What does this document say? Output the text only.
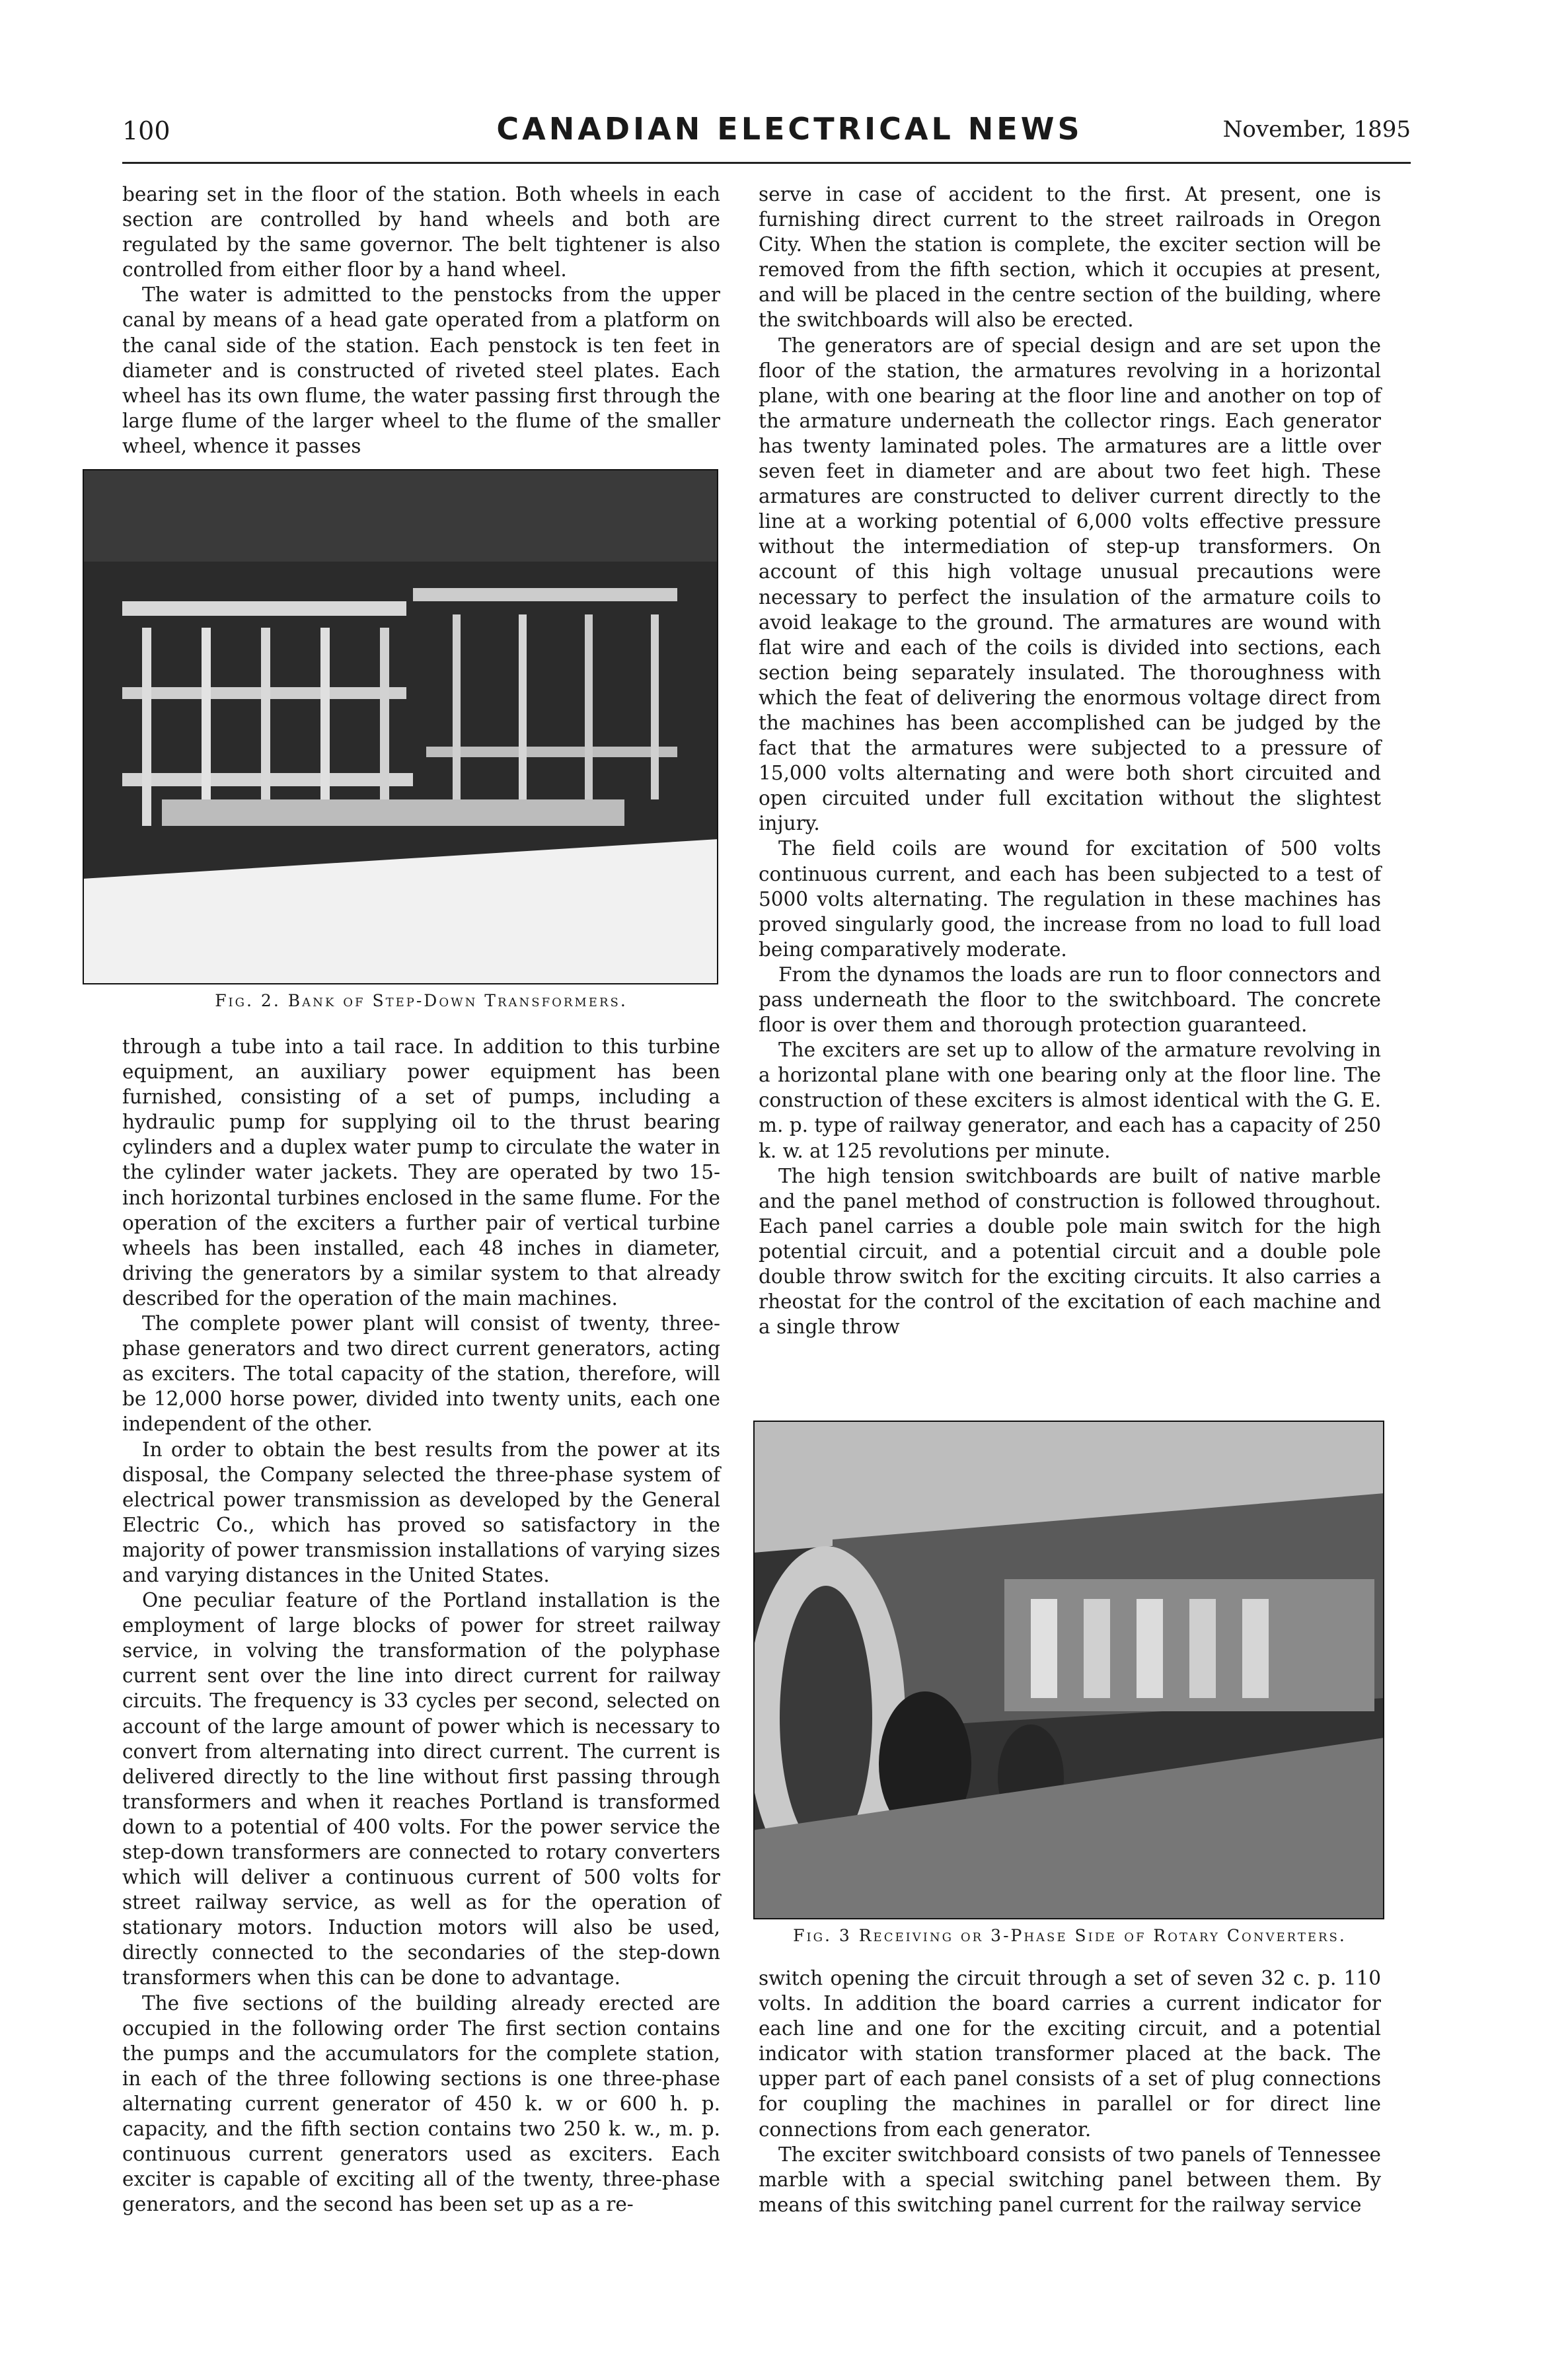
100	CANADIAN ELECTRICAL NEWS	November, 1895

bearing set in the floor of the station. Both wheels in each section are controlled by hand wheels and both are regulated by the same governor. The belt tightener is also controlled from either floor by a hand wheel.

The water is admitted to the penstocks from the upper canal by means of a head gate operated from a platform on the canal side of the station. Each penstock is ten feet in diameter and is constructed of riveted steel plates. Each wheel has its own flume, the water passing first through the large flume of the larger wheel to the flume of the smaller wheel, whence it passes

Fig. 2. Bank of Step-Down Transformers.

through a tube into a tail race. In addition to this turbine equipment, an auxiliary power equipment has been furnished, consisting of a set of pumps, including a hydraulic pump for supplying oil to the thrust bearing cylinders and a duplex water pump to circulate the water in the cylinder water jackets. They are operated by two 15-inch horizontal turbines enclosed in the same flume. For the operation of the exciters a further pair of vertical turbine wheels has been installed, each 48 inches in diameter, driving the generators by a similar system to that already described for the operation of the main machines.

The complete power plant will consist of twenty, three-phase generators and two direct current generators, acting as exciters. The total capacity of the station, therefore, will be 12,000 horse power, divided into twenty units, each one independent of the other.

In order to obtain the best results from the power at its disposal, the Company selected the three-phase system of electrical power transmission as developed by the General Electric Co., which has proved so satisfactory in the majority of power transmission installations of varying sizes and varying distances in the United States.

One peculiar feature of the Portland installation is the employment of large blocks of power for street railway service, in volving the transformation of the polyphase current sent over the line into direct current for railway circuits. The frequency is 33 cycles per second, selected on account of the large amount of power which is necessary to convert from alternating into direct current. The current is delivered directly to the line without first passing through transformers and when it reaches Portland is transformed down to a potential of 400 volts. For the power service the step-down transformers are connected to rotary converters which will deliver a continuous current of 500 volts for street railway service, as well as for the operation of stationary motors. Induction motors will also be used, directly connected to the secondaries of the step-down transformers when this can be done to advantage.

The five sections of the building already erected are occupied in the following order The first section contains the pumps and the accumulators for the complete station, in each of the three following sections is one three-phase alternating current generator of 450 k. w or 600 h. p. capacity, and the fifth section contains two 250 k. w., m. p. continuous current generators used as exciters. Each exciter is capable of exciting all of the twenty, three-phase generators, and the second has been set up as a re-

serve in case of accident to the first. At present, one is furnishing direct current to the street railroads in Oregon City. When the station is complete, the exciter section will be removed from the fifth section, which it occupies at present, and will be placed in the centre section of the building, where the switchboards will also be erected.

The generators are of special design and are set upon the floor of the station, the armatures revolving in a horizontal plane, with one bearing at the floor line and another on top of the armature underneath the collector rings. Each generator has twenty laminated poles. The armatures are a little over seven feet in diameter and are about two feet high. These armatures are constructed to deliver current directly to the line at a working potential of 6,000 volts effective pressure without the intermediation of step-up transformers. On account of this high voltage unusual precautions were necessary to perfect the insulation of the armature coils to avoid leakage to the ground. The armatures are wound with flat wire and each of the coils is divided into sections, each section being separately insulated. The thoroughness with which the feat of delivering the enormous voltage direct from the machines has been accomplished can be judged by the fact that the armatures were subjected to a pressure of 15,000 volts alternating and were both short circuited and open circuited under full excitation without the slightest injury.

The field coils are wound for excitation of 500 volts continuous current, and each has been subjected to a test of 5000 volts alternating. The regulation in these machines has proved singularly good, the increase from no load to full load being comparatively moderate.

From the dynamos the loads are run to floor connectors and pass underneath the floor to the switchboard. The concrete floor is over them and thorough protection guaranteed.

The exciters are set up to allow of the armature revolving in a horizontal plane with one bearing only at the floor line. The construction of these exciters is almost identical with the G. E. m. p. type of railway generator, and each has a capacity of 250 k. w. at 125 revolutions per minute.

The high tension switchboards are built of native marble and the panel method of construction is followed throughout. Each panel carries a double pole main switch for the high potential circuit, and a potential circuit and a double pole double throw switch for the exciting circuits. It also carries a rheostat for the control of the excitation of each machine and a single throw

Fig. 3 Receiving or 3-Phase Side of Rotary Converters.

switch opening the circuit through a set of seven 32 c. p. 110 volts. In addition the board carries a current indicator for each line and one for the exciting circuit, and a potential indicator with station transformer placed at the back. The upper part of each panel consists of a set of plug connections for coupling the machines in parallel or for direct line connections from each generator.

The exciter switchboard consists of two panels of Tennessee marble with a special switching panel between them. By means of this switching panel current for the railway service
